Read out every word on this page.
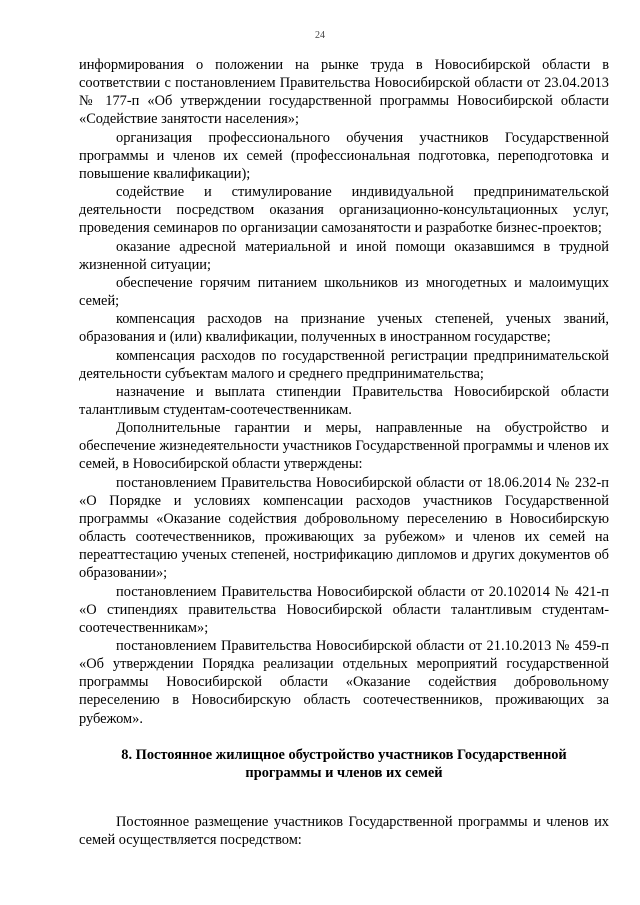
24

информирования о положении на рынке труда в Новосибирской области в соответствии с постановлением Правительства Новосибирской области от 23.04.2013 № 177-п «Об утверждении государственной программы Новосибирской области «Содействие занятости населения»;

организация профессионального обучения участников Государственной программы и членов их семей (профессиональная подготовка, переподготовка и повышение квалификации);

содействие и стимулирование индивидуальной предпринимательской деятельности посредством оказания организационно-консультационных услуг, проведения семинаров по организации самозанятости и разработке бизнес-проектов;

оказание адресной материальной и иной помощи оказавшимся в трудной жизненной ситуации;

обеспечение горячим питанием школьников из многодетных и малоимущих семей;

компенсация расходов на признание ученых степеней, ученых званий, образования и (или) квалификации, полученных в иностранном государстве;

компенсация расходов по государственной регистрации предпринимательской деятельности субъектам малого и среднего предпринимательства;

назначение и выплата стипендии Правительства Новосибирской области талантливым студентам-соотечественникам.

Дополнительные гарантии и меры, направленные на обустройство и обеспечение жизнедеятельности участников Государственной программы и членов их семей, в Новосибирской области утверждены:

постановлением Правительства Новосибирской области от 18.06.2014 № 232-п «О Порядке и условиях компенсации расходов участников Государственной программы «Оказание содействия добровольному переселению в Новосибирскую область соотечественников, проживающих за рубежом» и членов их семей на переаттестацию ученых степеней, нострификацию дипломов и других документов об образовании»;

постановлением Правительства Новосибирской области от 20.102014 № 421-п «О стипендиях правительства Новосибирской области талантливым студентам-соотечественникам»;

постановлением Правительства Новосибирской области от 21.10.2013 № 459-п «Об утверждении Порядка реализации отдельных мероприятий государственной программы Новосибирской области «Оказание содействия добровольному переселению в Новосибирскую область соотечественников, проживающих за рубежом».

8. Постоянное жилищное обустройство участников Государственной программы и членов их семей

Постоянное размещение участников Государственной программы и членов их семей осуществляется посредством:
